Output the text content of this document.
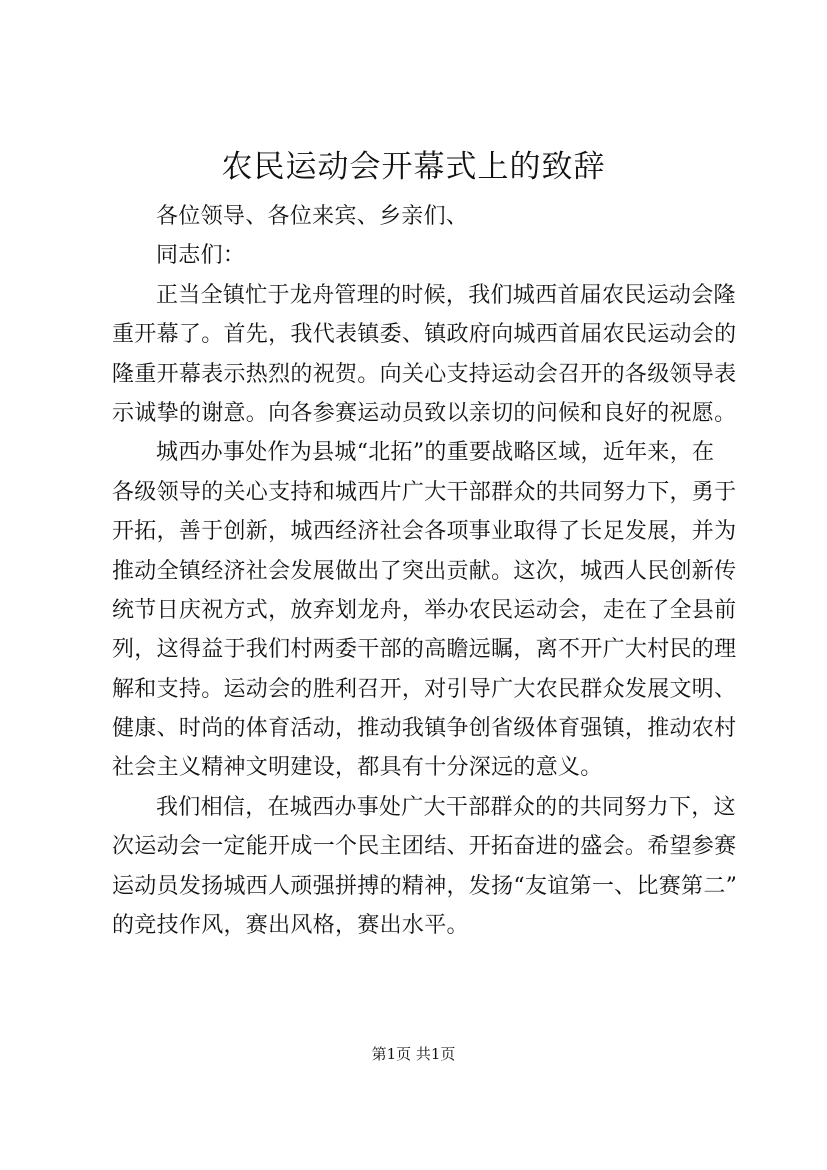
农民运动会开幕式上的致辞
各位领导、各位来宾、乡亲们、
同志们：
正当全镇忙于龙舟管理的时候，我们城西首届农民运动会隆
重开幕了。首先，我代表镇委、镇政府向城西首届农民运动会的
隆重开幕表示热烈的祝贺。向关心支持运动会召开的各级领导表
示诚挚的谢意。向各参赛运动员致以亲切的问候和良好的祝愿。
城西办事处作为县城“北拓”的重要战略区域，近年来，在
各级领导的关心支持和城西片广大干部群众的共同努力下，勇于
开拓，善于创新，城西经济社会各项事业取得了长足发展，并为
推动全镇经济社会发展做出了突出贡献。这次，城西人民创新传
统节日庆祝方式，放弃划龙舟，举办农民运动会，走在了全县前
列，这得益于我们村两委干部的高瞻远瞩，离不开广大村民的理
解和支持。运动会的胜利召开，对引导广大农民群众发展文明、
健康、时尚的体育活动，推动我镇争创省级体育强镇，推动农村
社会主义精神文明建设，都具有十分深远的意义。
我们相信，在城西办事处广大干部群众的的共同努力下，这
次运动会一定能开成一个民主团结、开拓奋进的盛会。希望参赛
运动员发扬城西人顽强拼搏的精神，发扬“友谊第一、比赛第二”
的竞技作风，赛出风格，赛出水平。
第1页 共1页
